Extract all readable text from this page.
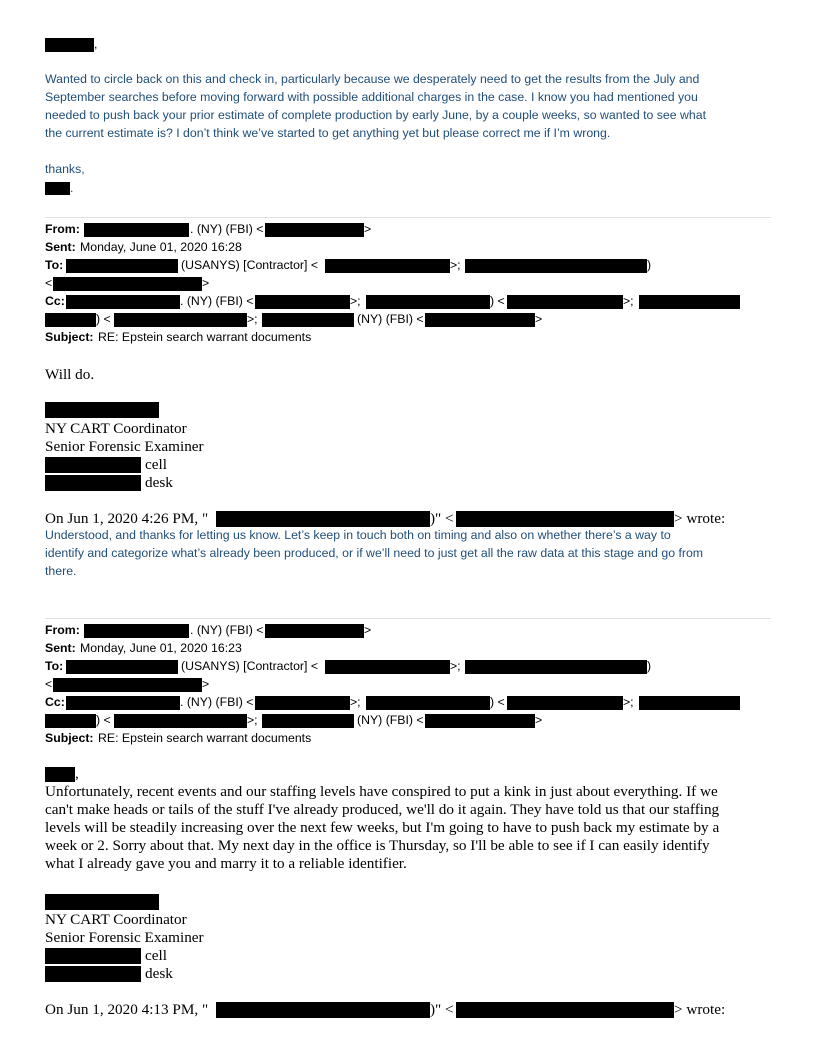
,
Wanted to circle back on this and check in, particularly because we desperately need to get the results from the July and
September searches before moving forward with possible additional charges in the case. I know you had mentioned you
needed to push back your prior estimate of complete production by early June, by a couple weeks, so wanted to see what
the current estimate is? I don’t think we’ve started to get anything yet but please correct me if I’m wrong.
thanks,
.
From:	. (NY) (FBI) <	>
Sent: Monday, June 01, 2020 16:28
To:	(USANYS) [Contractor] <	>;	)
<	>
Cc:	. (NY) (FBI) <	>;	) <	>;
) <	>;	(NY) (FBI) <	>
Subject: RE: Epstein search warrant documents
Will do.
NY CART Coordinator
Senior Forensic Examiner
cell
desk
On Jun 1, 2020 4:26 PM, "	)" <	> wrote:
Understood, and thanks for letting us know. Let’s keep in touch both on timing and also on whether there’s a way to
identify and categorize what’s already been produced, or if we’ll need to just get all the raw data at this stage and go from
there.
From:	. (NY) (FBI) <	>
Sent: Monday, June 01, 2020 16:23
To:	(USANYS) [Contractor] <	>;	)
<	>
Cc:	. (NY) (FBI) <	>;	) <	>;
) <	>;	(NY) (FBI) <	>
Subject: RE: Epstein search warrant documents
,
Unfortunately, recent events and our staffing levels have conspired to put a kink in just about everything. If we
can't make heads or tails of the stuff I've already produced, we'll do it again. They have told us that our staffing
levels will be steadily increasing over the next few weeks, but I'm going to have to push back my estimate by a
week or 2. Sorry about that. My next day in the office is Thursday, so I'll be able to see if I can easily identify
what I already gave you and marry it to a reliable identifier.
NY CART Coordinator
Senior Forensic Examiner
cell
desk
On Jun 1, 2020 4:13 PM, "	)" <	> wrote:
